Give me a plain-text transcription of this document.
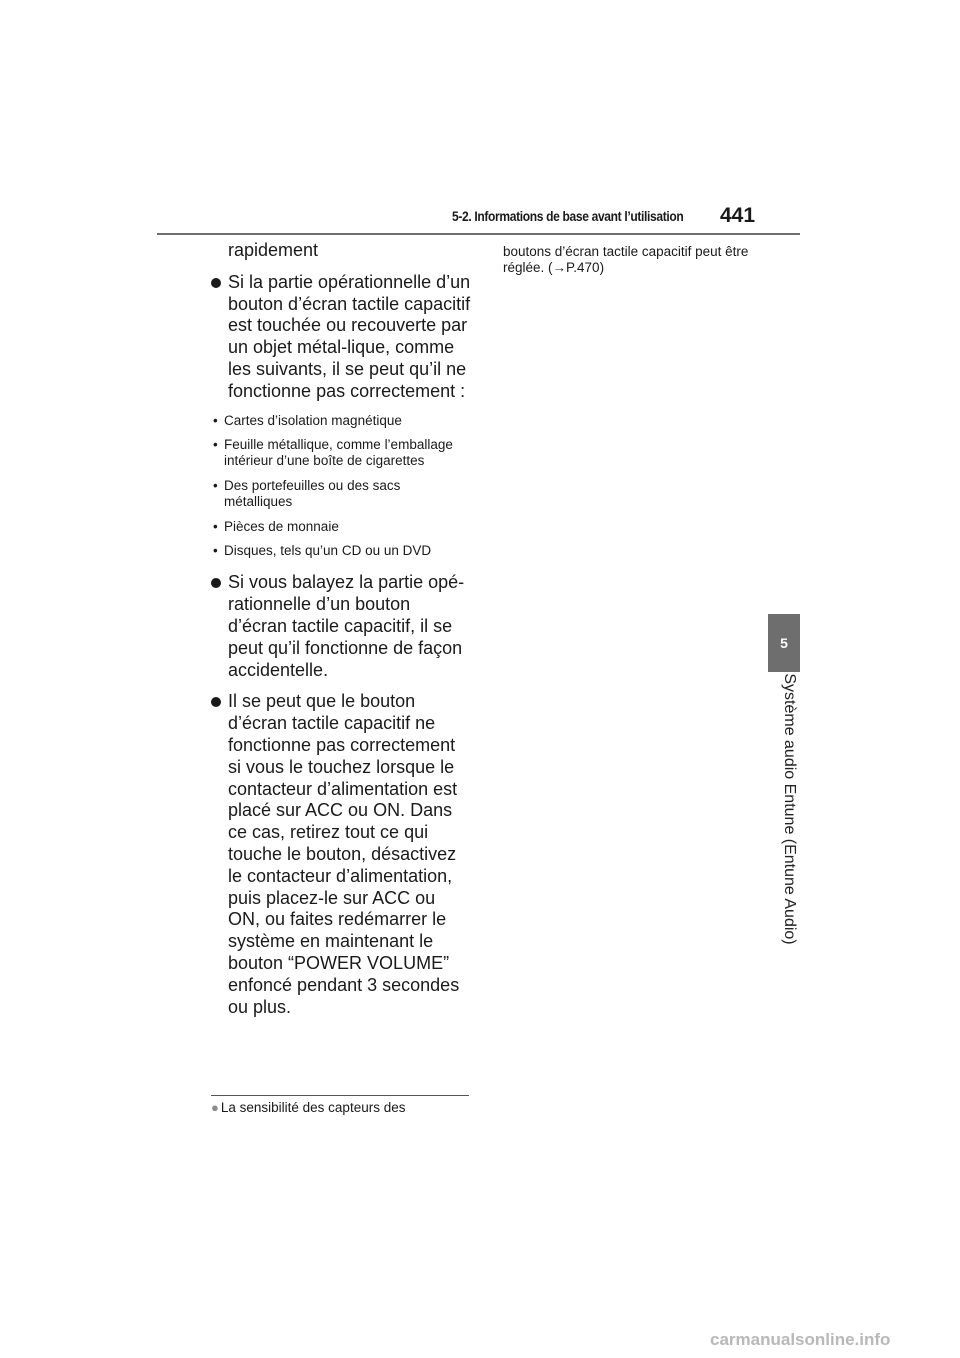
5-2. Informations de base avant l’utilisation 441
5
Système audio Entune (Entune Audio)

rapidement

Si la partie opérationnelle d’un bouton d’écran tactile capacitif est touchée ou recouverte par un objet métal-lique, comme les suivants, il se peut qu’il ne fonctionne pas correctement :

• Cartes d’isolation magnétique
• Feuille métallique, comme l’emballage intérieur d’une boîte de cigarettes
• Des portefeuilles ou des sacs métalliques
• Pièces de monnaie
• Disques, tels qu’un CD ou un DVD

Si vous balayez la partie opé-rationnelle d’un bouton d’écran tactile capacitif, il se peut qu’il fonctionne de façon accidentelle.

Il se peut que le bouton d’écran tactile capacitif ne fonctionne pas correctement si vous le touchez lorsque le contacteur d’alimentation est placé sur ACC ou ON. Dans ce cas, retirez tout ce qui touche le bouton, désactivez le contacteur d’alimentation, puis placez-le sur ACC ou ON, ou faites redémarrer le système en maintenant le bouton “POWER VOLUME” enfoncé pendant 3 secondes ou plus.

● La sensibilité des capteurs des

boutons d’écran tactile capacitif peut être réglée. (→P.470)

carmanualsonline.info
